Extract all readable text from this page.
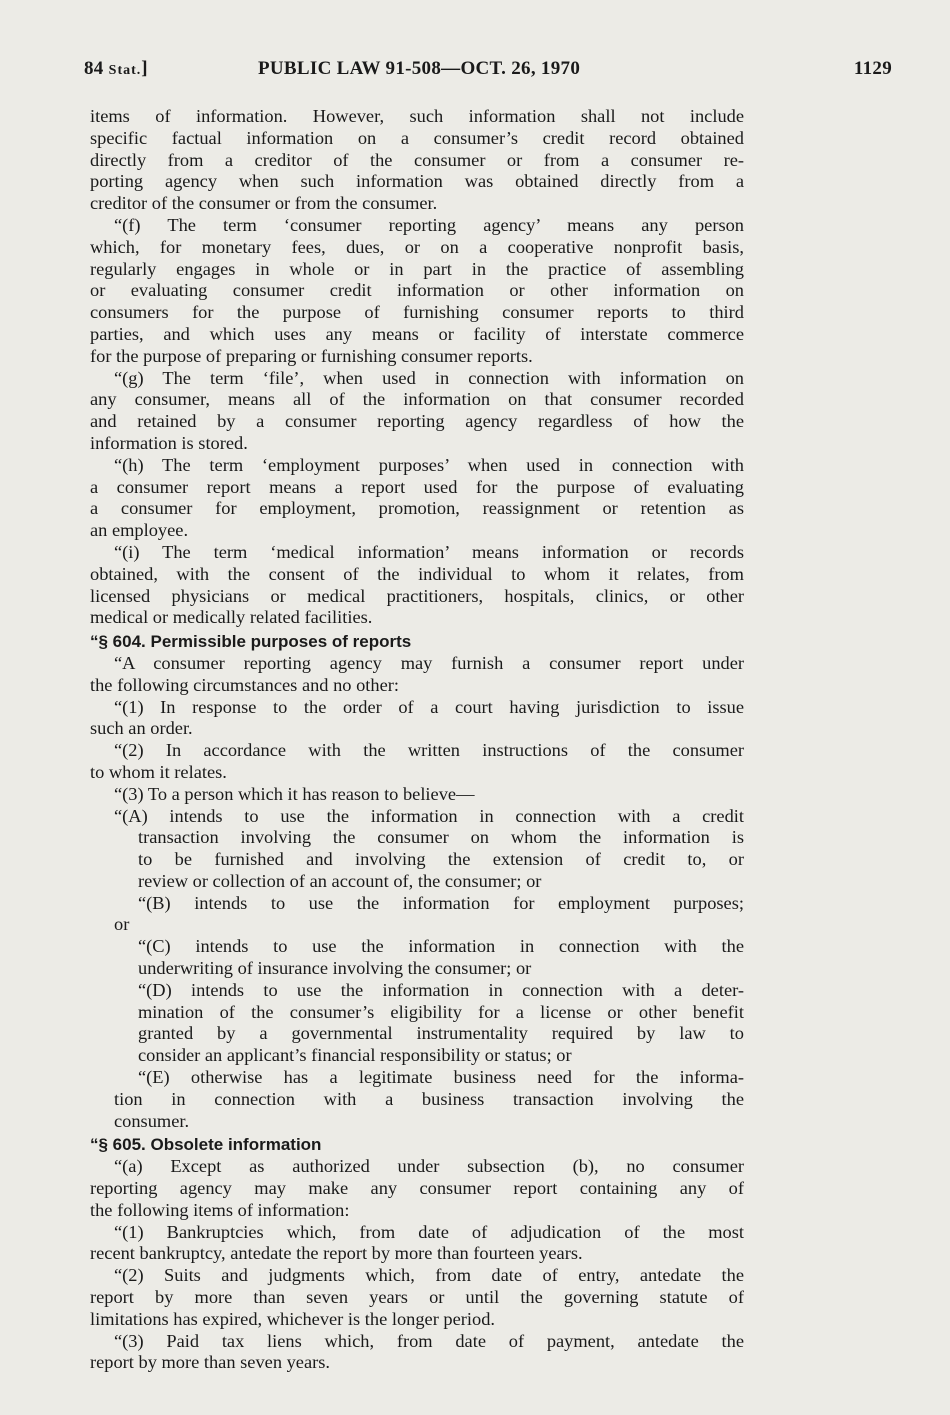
84 Stat.]	PUBLIC LAW 91-508—OCT. 26, 1970	1129
items of information. However, such information shall not include
specific factual information on a consumer’s credit record obtained
directly from a creditor of the consumer or from a consumer re-
porting agency when such information was obtained directly from a
creditor of the consumer or from the consumer.
“(f) The term ‘consumer reporting agency’ means any person
which, for monetary fees, dues, or on a cooperative nonprofit basis,
regularly engages in whole or in part in the practice of assembling
or evaluating consumer credit information or other information on
consumers for the purpose of furnishing consumer reports to third
parties, and which uses any means or facility of interstate commerce
for the purpose of preparing or furnishing consumer reports.
“(g) The term ‘file’, when used in connection with information on
any consumer, means all of the information on that consumer recorded
and retained by a consumer reporting agency regardless of how the
information is stored.
“(h) The term ‘employment purposes’ when used in connection with
a consumer report means a report used for the purpose of evaluating
a consumer for employment, promotion, reassignment or retention as
an employee.
“(i) The term ‘medical information’ means information or records
obtained, with the consent of the individual to whom it relates, from
licensed physicians or medical practitioners, hospitals, clinics, or other
medical or medically related facilities.
“§ 604. Permissible purposes of reports
“A consumer reporting agency may furnish a consumer report under
the following circumstances and no other:
“(1) In response to the order of a court having jurisdiction to issue
such an order.
“(2) In accordance with the written instructions of the consumer
to whom it relates.
“(3) To a person which it has reason to believe—
“(A) intends to use the information in connection with a credit
transaction involving the consumer on whom the information is
to be furnished and involving the extension of credit to, or
review or collection of an account of, the consumer; or
“(B) intends to use the information for employment purposes;
or
“(C) intends to use the information in connection with the
underwriting of insurance involving the consumer; or
“(D) intends to use the information in connection with a deter-
mination of the consumer’s eligibility for a license or other benefit
granted by a governmental instrumentality required by law to
consider an applicant’s financial responsibility or status; or
“(E) otherwise has a legitimate business need for the informa-
tion in connection with a business transaction involving the
consumer.
“§ 605. Obsolete information
“(a) Except as authorized under subsection (b), no consumer
reporting agency may make any consumer report containing any of
the following items of information:
“(1) Bankruptcies which, from date of adjudication of the most
recent bankruptcy, antedate the report by more than fourteen years.
“(2) Suits and judgments which, from date of entry, antedate the
report by more than seven years or until the governing statute of
limitations has expired, whichever is the longer period.
“(3) Paid tax liens which, from date of payment, antedate the
report by more than seven years.
